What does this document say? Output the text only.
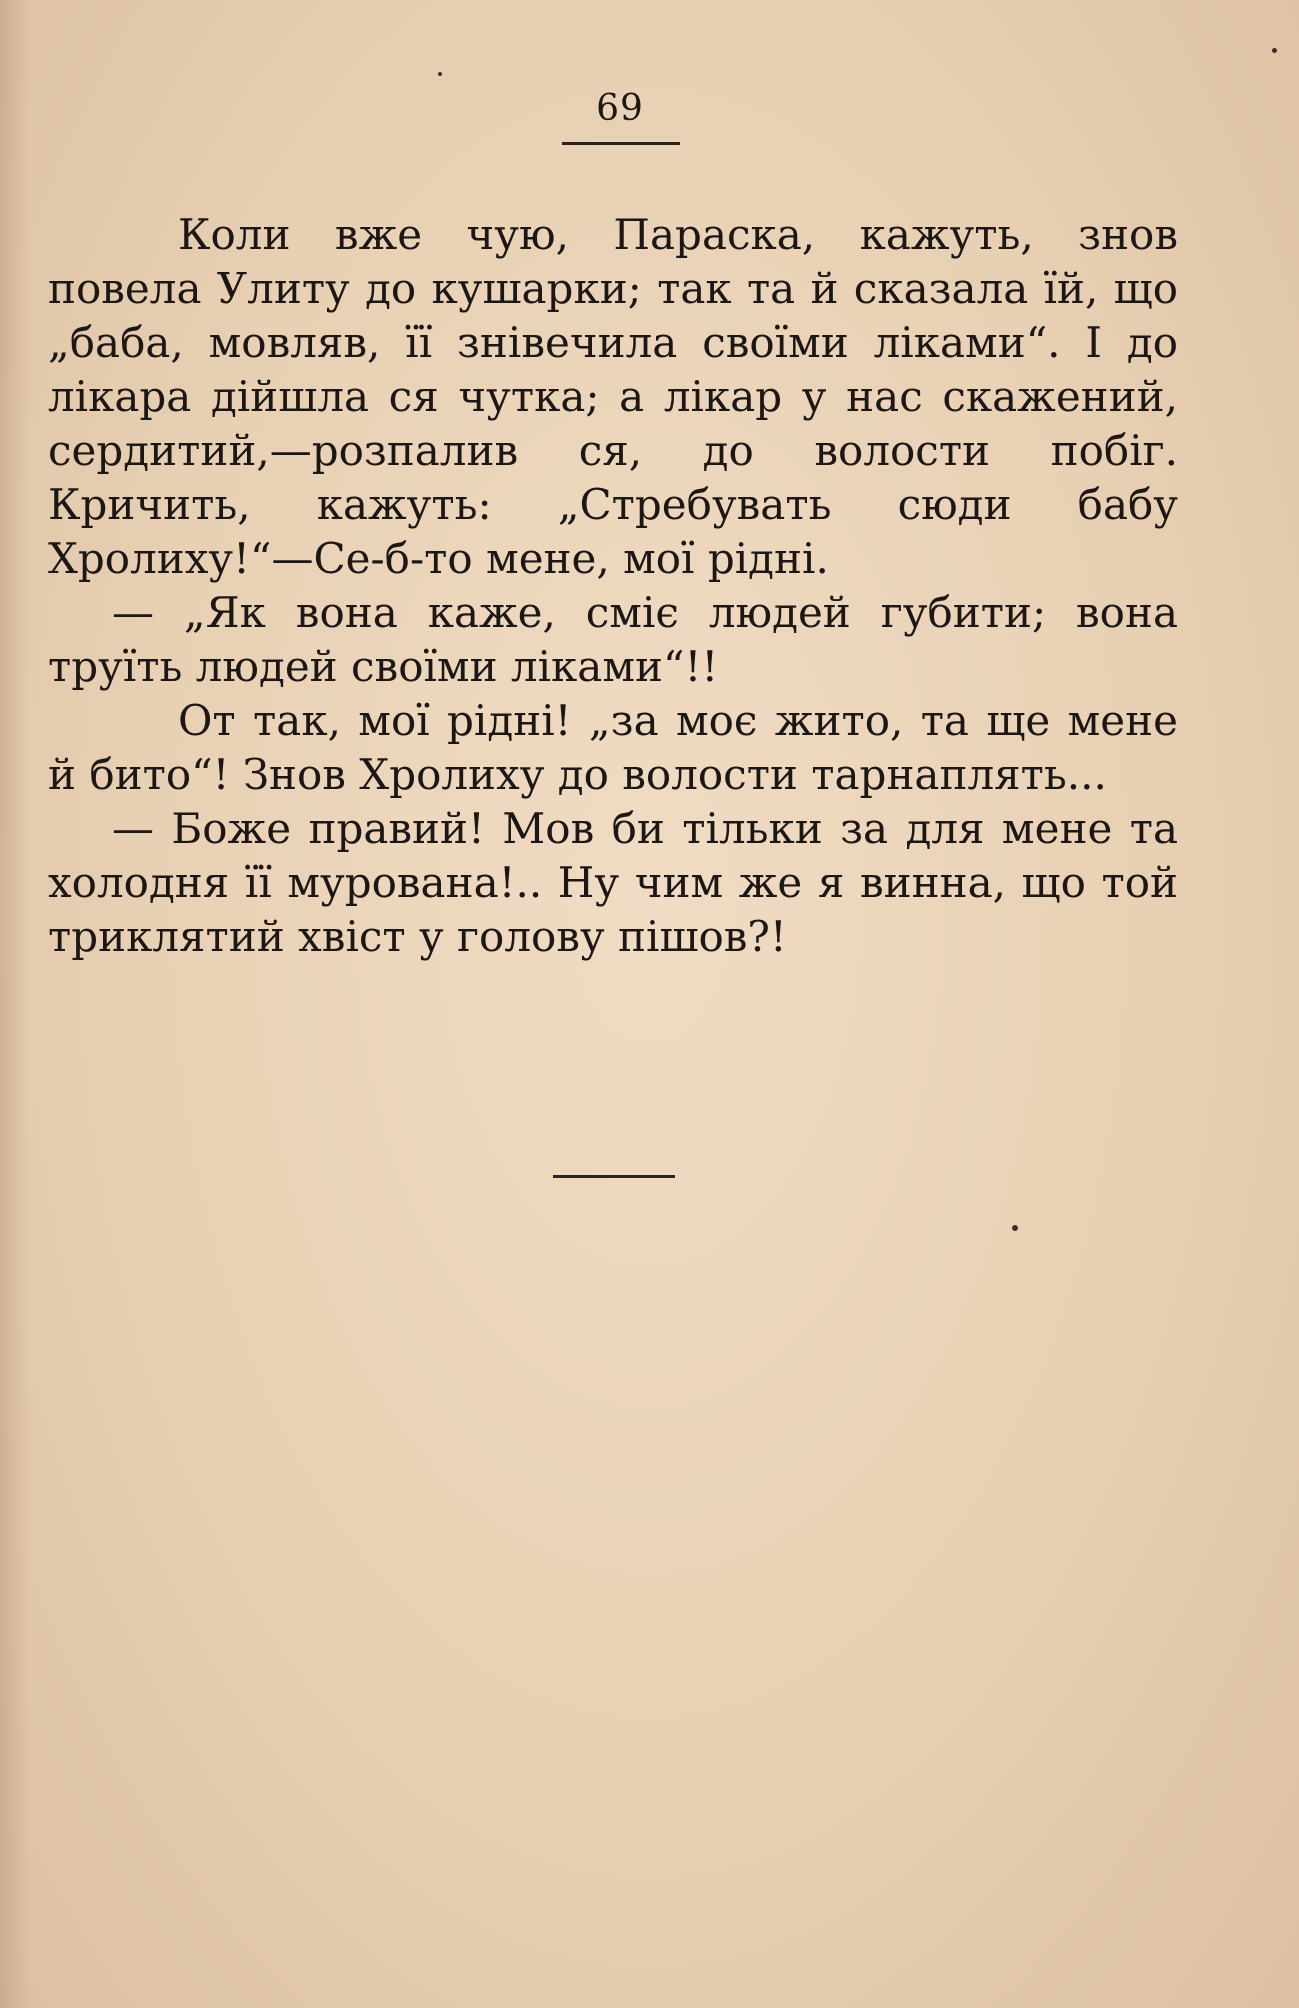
69

Коли вже чую, Параска, кажуть, знов повела Улиту до кушарки; так та й сказала їй, що „баба, мовляв, її знівечила своїми ліками“. І до лікара дійшла ся чутка; а лікар у нас скажений, сердитий,—розпалив ся, до волости побіг. Кричить, кажуть: „Стребувать сюди бабу Хролиху!“—Се-б-то мене, мої рідні.

— „Як вона каже, сміє людей губити; вона труїть людей своїми ліками“!!

От так, мої рідні! „за моє жито, та ще мене й бито“! Знов Хролиху до волости тарнаплять...

— Боже правий! Мов би тільки за для мене та холодня її мурована!.. Ну чим же я винна, що той триклятий хвіст у голову пішов?!
